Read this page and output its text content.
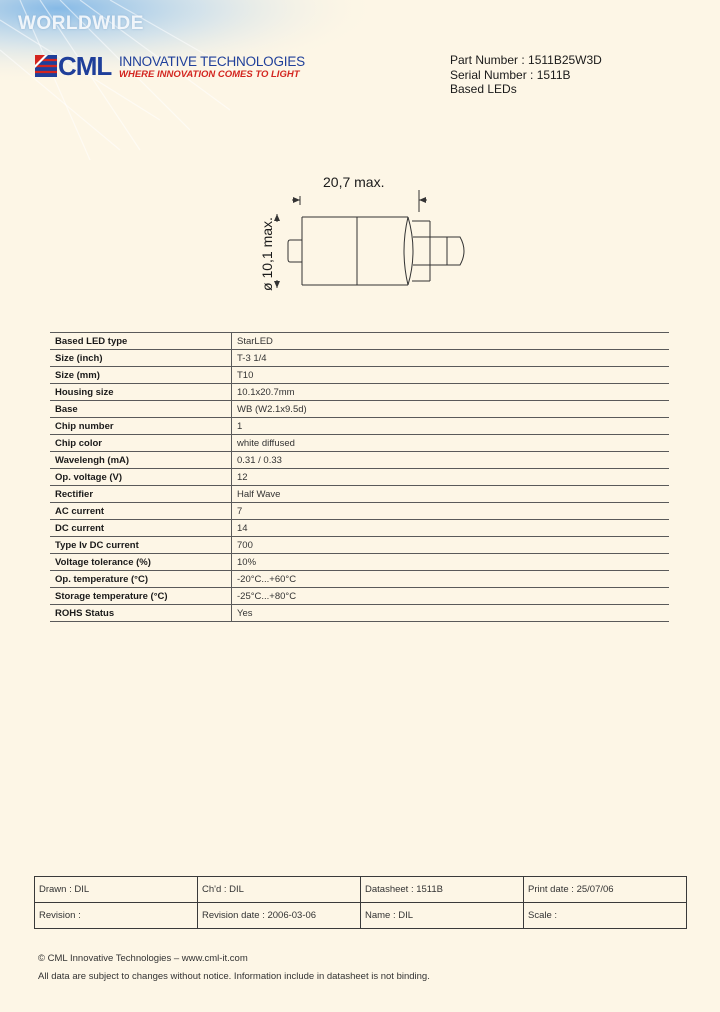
WORLDWIDE
CML INNOVATIVE TECHNOLOGIES
WHERE INNOVATION COMES TO LIGHT
Part Number : 1511B25W3D
Serial Number : 1511B
Based LEDs
20,7 max.
ø 10,1 max.
Based LED type	StarLED
Size (inch)	T-3 1/4
Size (mm)	T10
Housing size	10.1x20.7mm
Base	WB (W2.1x9.5d)
Chip number	1
Chip color	white diffused
Wavelengh (mA)	0.31 / 0.33
Op. voltage (V)	12
Rectifier	Half Wave
AC current	7
DC current	14
Type Iv DC current	700
Voltage tolerance (%)	10%
Op. temperature (°C)	-20°C...+60°C
Storage temperature (°C)	-25°C...+80°C
ROHS Status	Yes
Drawn : DIL	Ch'd : DIL	Datasheet : 1511B	Print date : 25/07/06
Revision :	Revision date : 2006-03-06	Name : DIL	Scale :
© CML Innovative Technologies – www.cml-it.com
All data are subject to changes without notice. Information include in datasheet is not binding.
